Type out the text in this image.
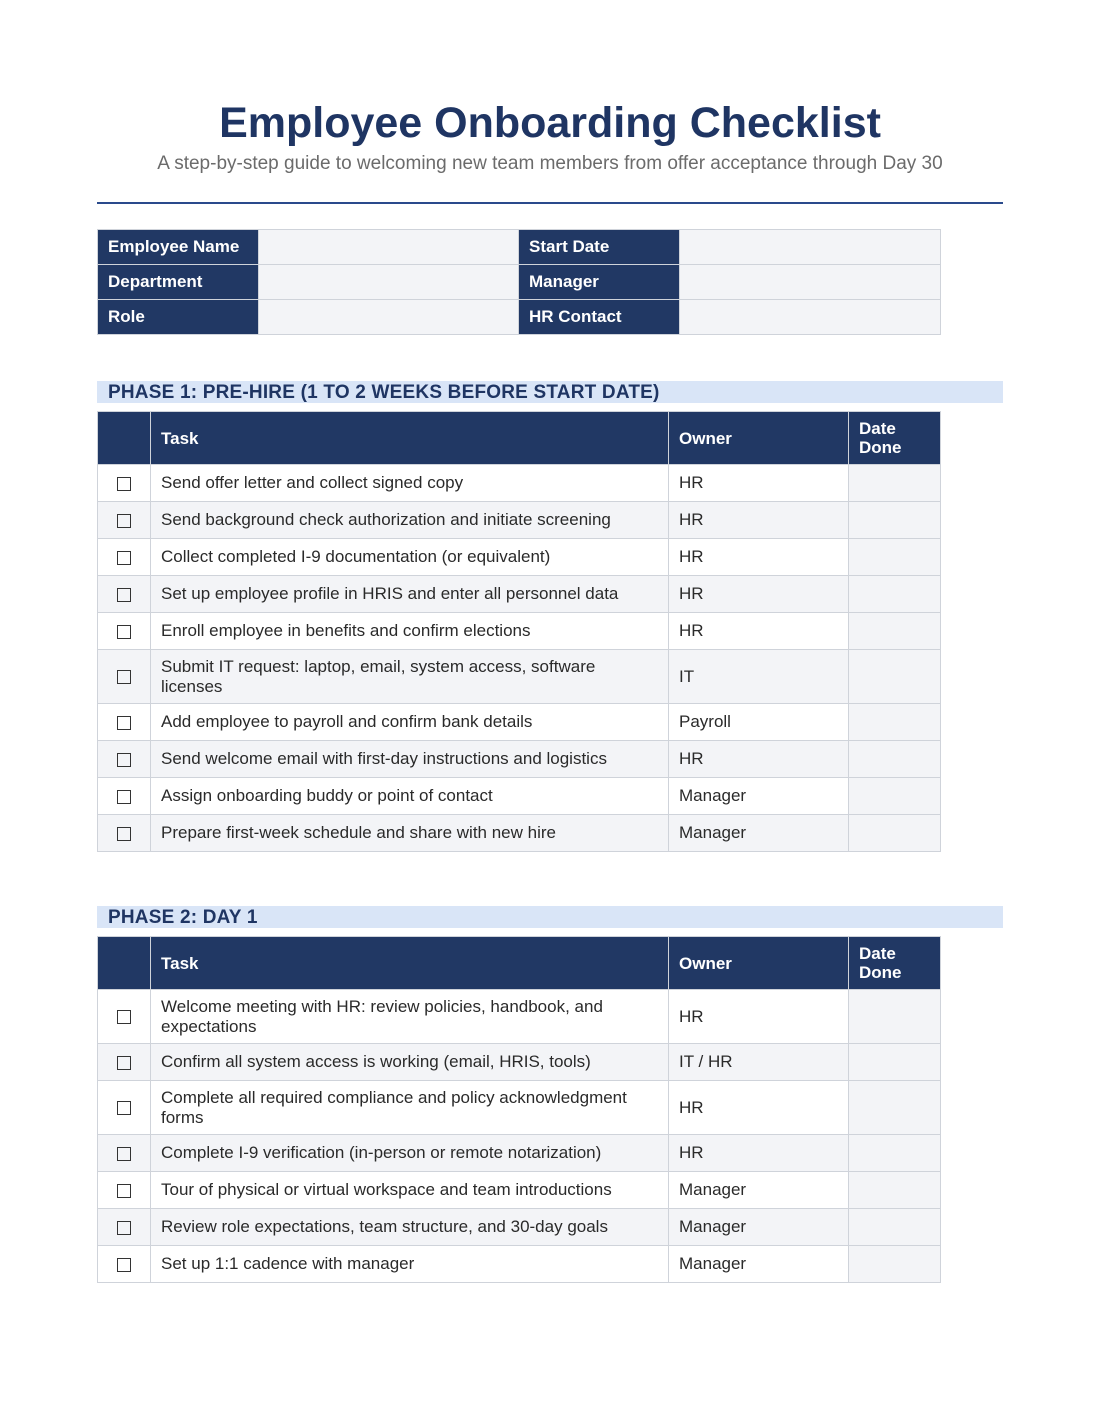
Employee Onboarding Checklist
A step-by-step guide to welcoming new team members from offer acceptance through Day 30
Employee Name		Start Date	
Department		Manager	
Role		HR Contact	
PHASE 1: PRE-HIRE (1 TO 2 WEEKS BEFORE START DATE)
	Task	Owner	Date Done
	Send offer letter and collect signed copy	HR	
	Send background check authorization and initiate screening	HR	
	Collect completed I-9 documentation (or equivalent)	HR	
	Set up employee profile in HRIS and enter all personnel data	HR	
	Enroll employee in benefits and confirm elections	HR	
	Submit IT request: laptop, email, system access, software licenses	IT	
	Add employee to payroll and confirm bank details	Payroll	
	Send welcome email with first-day instructions and logistics	HR	
	Assign onboarding buddy or point of contact	Manager	
	Prepare first-week schedule and share with new hire	Manager	
PHASE 2: DAY 1
	Task	Owner	Date Done
	Welcome meeting with HR: review policies, handbook, and expectations	HR	
	Confirm all system access is working (email, HRIS, tools)	IT / HR	
	Complete all required compliance and policy acknowledgment forms	HR	
	Complete I-9 verification (in-person or remote notarization)	HR	
	Tour of physical or virtual workspace and team introductions	Manager	
	Review role expectations, team structure, and 30-day goals	Manager	
	Set up 1:1 cadence with manager	Manager	
